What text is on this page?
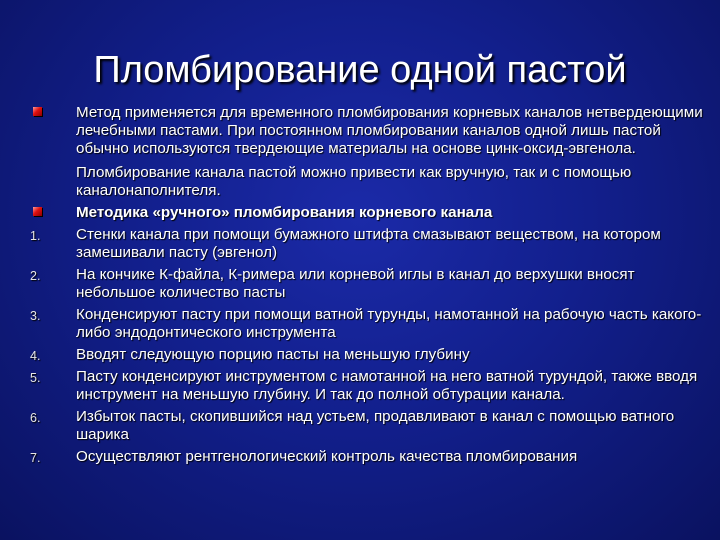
Пломбирование одной пастой
Метод применяется для временного пломбирования корневых каналов нетвердеющими лечебными пастами. При постоянном пломбировании каналов одной лишь пастой обычно используются твердеющие материалы на основе цинк-оксид-эвгенола.
Пломбирование канала пастой можно привести как вручную, так и с помощью каналонаполнителя.
Методика «ручного» пломбирования корневого канала
1. Стенки канала при помощи бумажного штифта смазывают веществом, на котором замешивали пасту (эвгенол)
2. На кончике К-файла, К-римера или корневой иглы в канал до верхушки вносят небольшое количество пасты
3. Конденсируют пасту при помощи ватной турунды, намотанной на рабочую часть какого-либо эндодонтического инструмента
4. Вводят следующую порцию пасты на меньшую глубину
5. Пасту конденсируют инструментом с намотанной на него ватной турундой, также вводя инструмент на меньшую глубину. И так до полной обтурации канала.
6. Избыток пасты, скопившийся над устьем, продавливают в канал с помощью ватного шарика
7. Осуществляют рентгенологический контроль качества пломбирования
